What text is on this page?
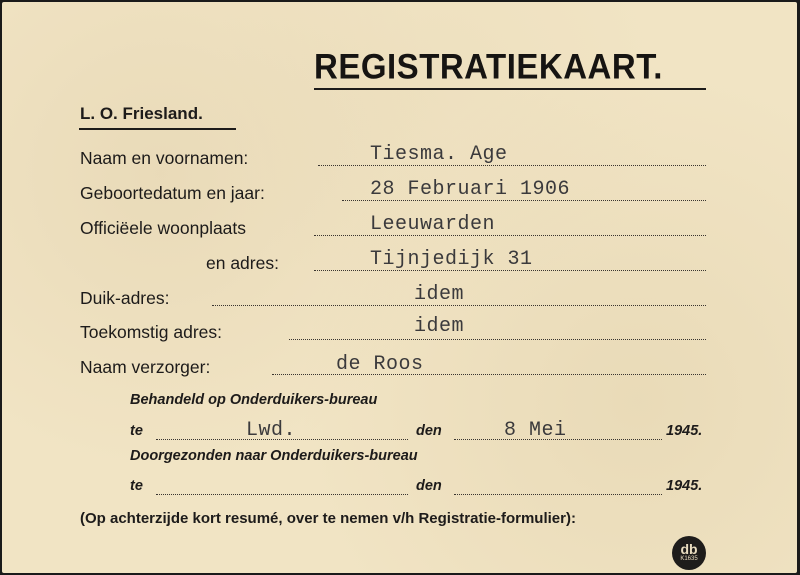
REGISTRATIEKAART.
L. O. Friesland.
Naam en voornamen:	Tiesma. Age
Geboortedatum en jaar:	28 Februari 1906
Officiëele woonplaats	Leeuwarden
en adres:	Tijnjedijk 31
Duik-adres:	idem
Toekomstig adres:	idem
Naam verzorger:	de Roos
Behandeld op Onderduikers-bureau
te	Lwd.	den	8 Mei	1945.
Doorgezonden naar Onderduikers-bureau
te	den	1945.
(Op achterzijde kort resumé, over te nemen v/h Registratie-formulier):
db
K1635
